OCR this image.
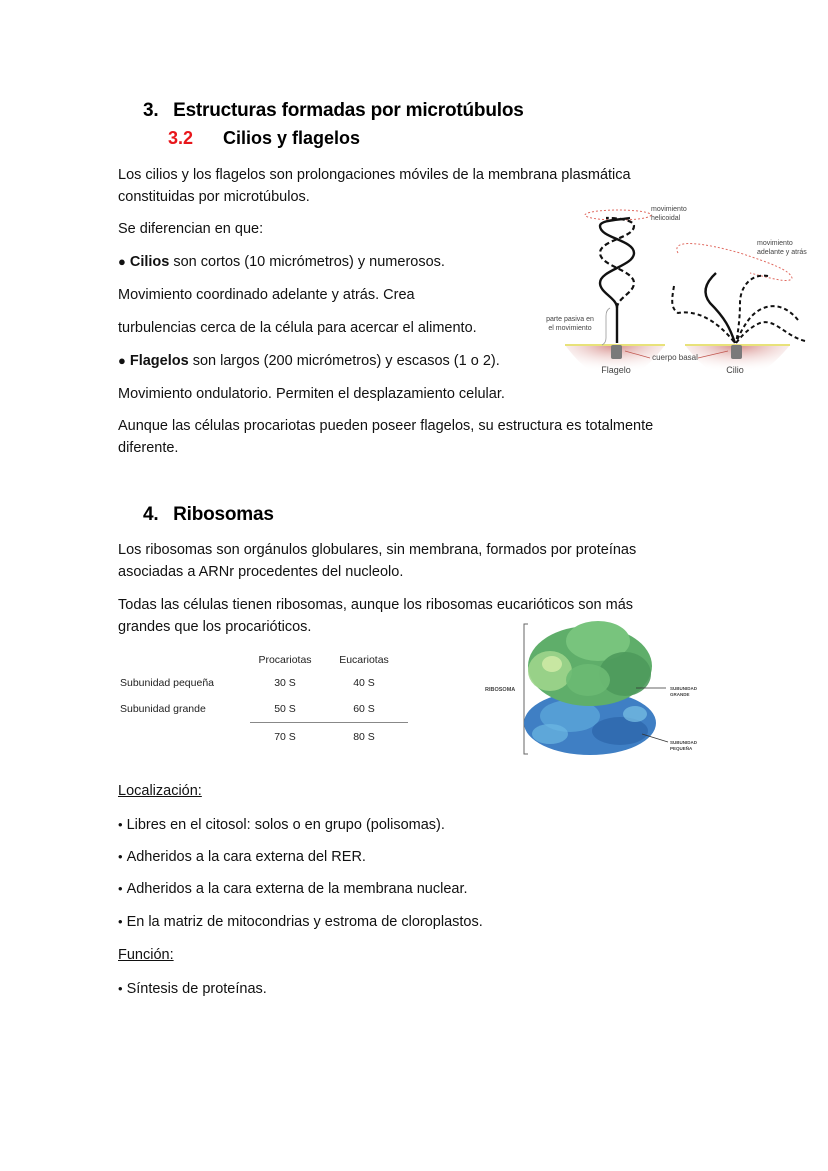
3. Estructuras formadas por microtúbulos
3.2 Cilios y flagelos
Los cilios y los flagelos son prolongaciones móviles de la membrana plasmática
constituidas por microtúbulos.
Se diferencian en que:
● Cilios son cortos (10 micrómetros) y numerosos.
Movimiento coordinado adelante y atrás. Crea
turbulencias cerca de la célula para acercar el alimento.
● Flagelos son largos (200 micrómetros) y escasos (1 o 2).
Movimiento ondulatorio. Permiten el desplazamiento celular.
Aunque las células procariotas pueden poseer flagelos, su estructura es totalmente
diferente.
movimiento
helicoidal
movimiento
adelante y atrás
parte pasiva en
el movimiento
cuerpo basal
Flagelo	Cilio
4. Ribosomas
Los ribosomas son orgánulos globulares, sin membrana, formados por proteínas
asociadas a ARNr procedentes del nucleolo.
Todas las células tienen ribosomas, aunque los ribosomas eucarióticos son más
grandes que los procarióticos.
	Procariotas	Eucariotas
Subunidad pequeña	30 S	40 S
Subunidad grande	50 S	60 S
	70 S	80 S
RIBOSOMA	SUBUNIDAD
GRANDE
SUBUNIDAD
PEQUEÑA
Localización:
• Libres en el citosol: solos o en grupo (polisomas).
• Adheridos a la cara externa del RER.
• Adheridos a la cara externa de la membrana nuclear.
• En la matriz de mitocondrias y estroma de cloroplastos.
Función:
• Síntesis de proteínas.
